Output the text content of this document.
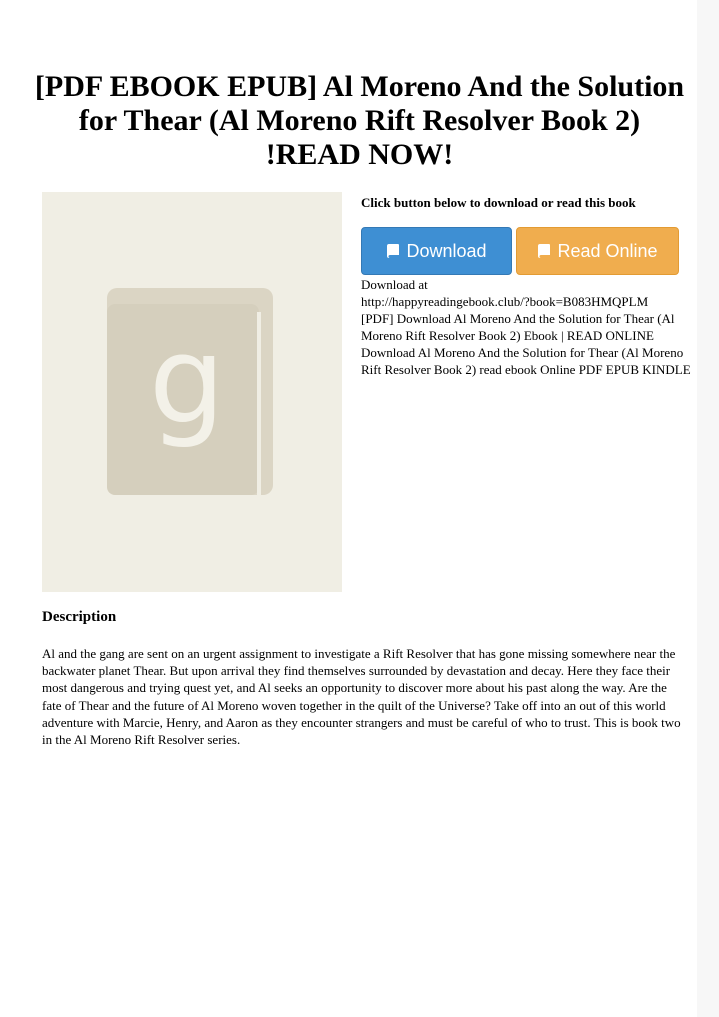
[PDF EBOOK EPUB] Al Moreno And the Solution for Thear (Al Moreno Rift Resolver Book 2) !READ NOW!
g
Click button below to download or read this book
Download	Read Online
Download at
http://happyreadingebook.club/?book=B083HMQPLM
[PDF] Download Al Moreno And the Solution for Thear (Al Moreno Rift Resolver Book 2) Ebook | READ ONLINE
Download Al Moreno And the Solution for Thear (Al Moreno Rift Resolver Book 2) read ebook Online PDF EPUB KINDLE
Description

Al and the gang are sent on an urgent assignment to investigate a Rift Resolver that has gone missing somewhere near the backwater planet Thear. But upon arrival they find themselves surrounded by devastation and decay. Here they face their most dangerous and trying quest yet, and Al seeks an opportunity to discover more about his past along the way. Are the fate of Thear and the future of Al Moreno woven together in the quilt of the Universe? Take off into an out of this world adventure with Marcie, Henry, and Aaron as they encounter strangers and must be careful of who to trust. This is book two in the Al Moreno Rift Resolver series.
